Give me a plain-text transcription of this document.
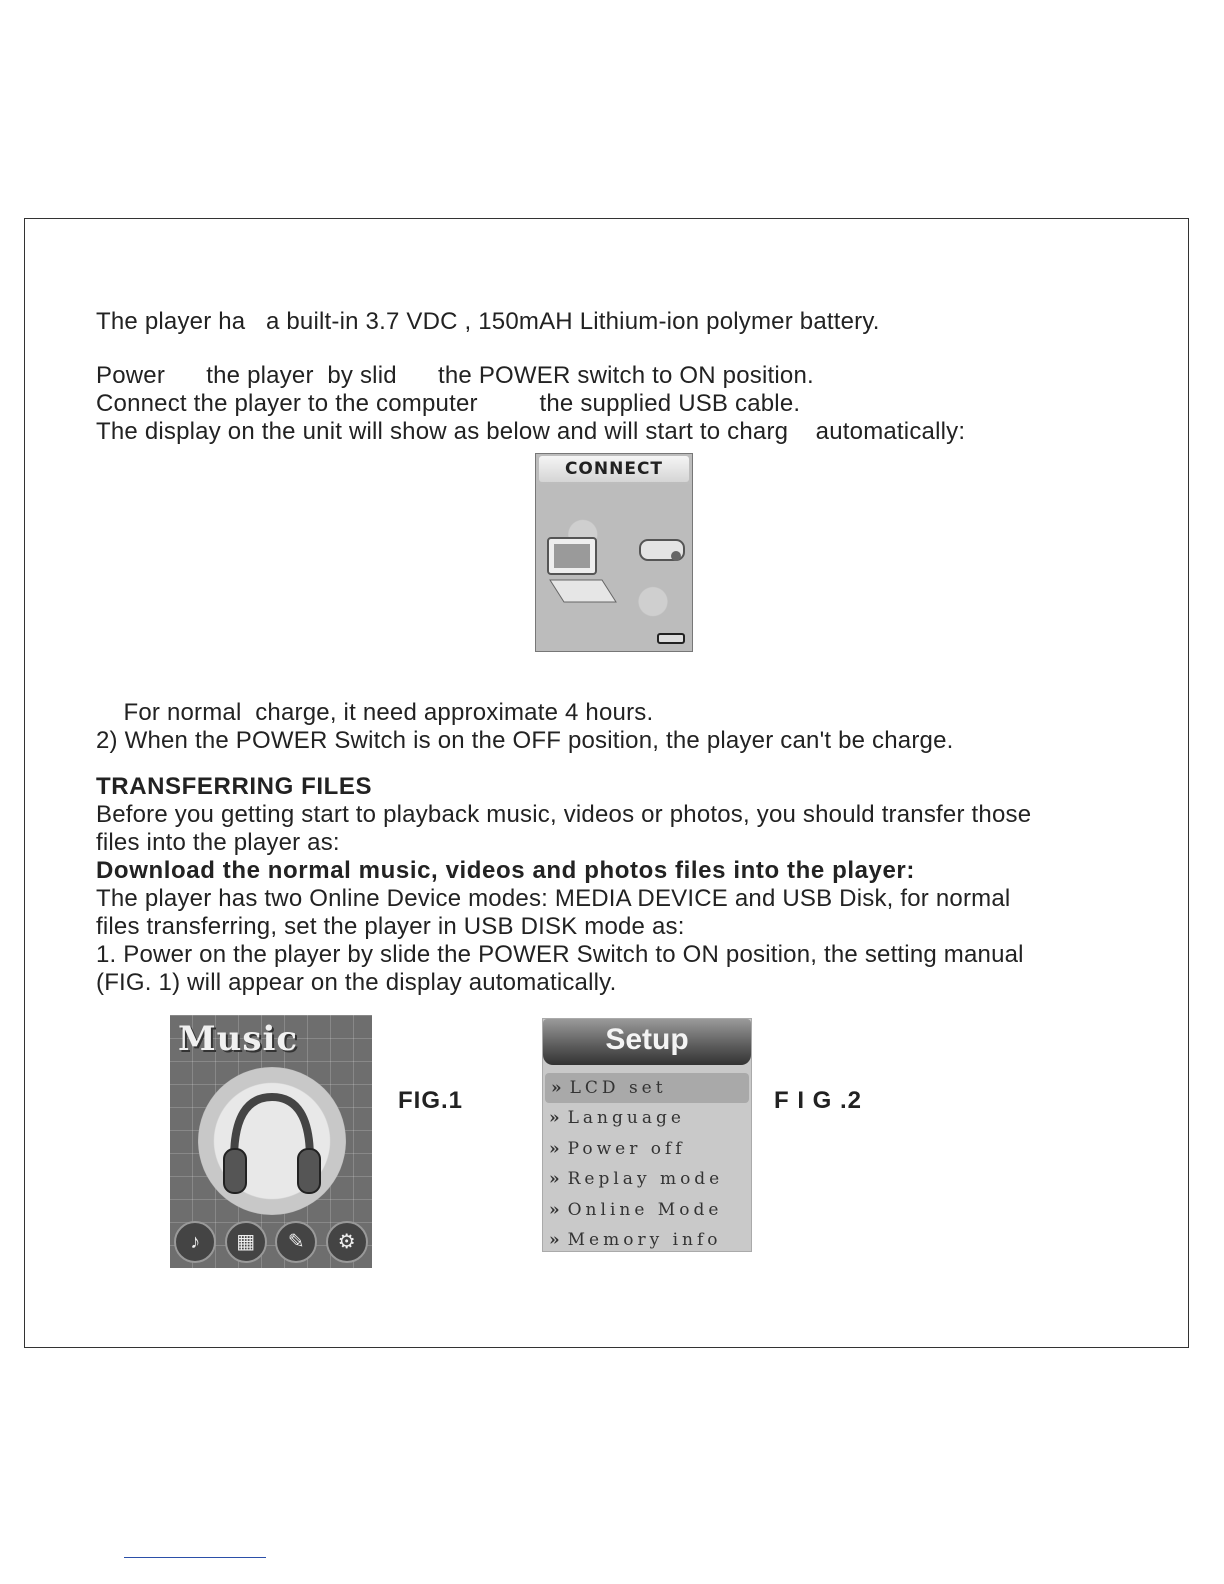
The player ha   a built-in 3.7 VDC , 150mAH Lithium-ion polymer battery.
Power      the player  by slid      the POWER switch to ON position.
Connect the player to the computer         the supplied USB cable.
The display on the unit will show as below and will start to charg    automatically:
CONNECT
For normal  charge, it need approximate 4 hours.
2) When the POWER Switch is on the OFF position, the player can't be charge.
TRANSFERRING FILES
Before you getting start to playback music, videos or photos, you should transfer those
files into the player as:
Download the normal music, videos and photos files into the player:
The player has two Online Device modes: MEDIA DEVICE and USB Disk, for normal
files transferring, set the player in USB DISK mode as:
1. Power on the player by slide the POWER Switch to ON position, the setting manual
(FIG. 1) will appear on the display automatically.
Music
♪	▦	✎	⚙
FIG.1
Setup
» LCD set
» Language
» Power off
» Replay mode
» Online Mode
» Memory info
F I G .2
